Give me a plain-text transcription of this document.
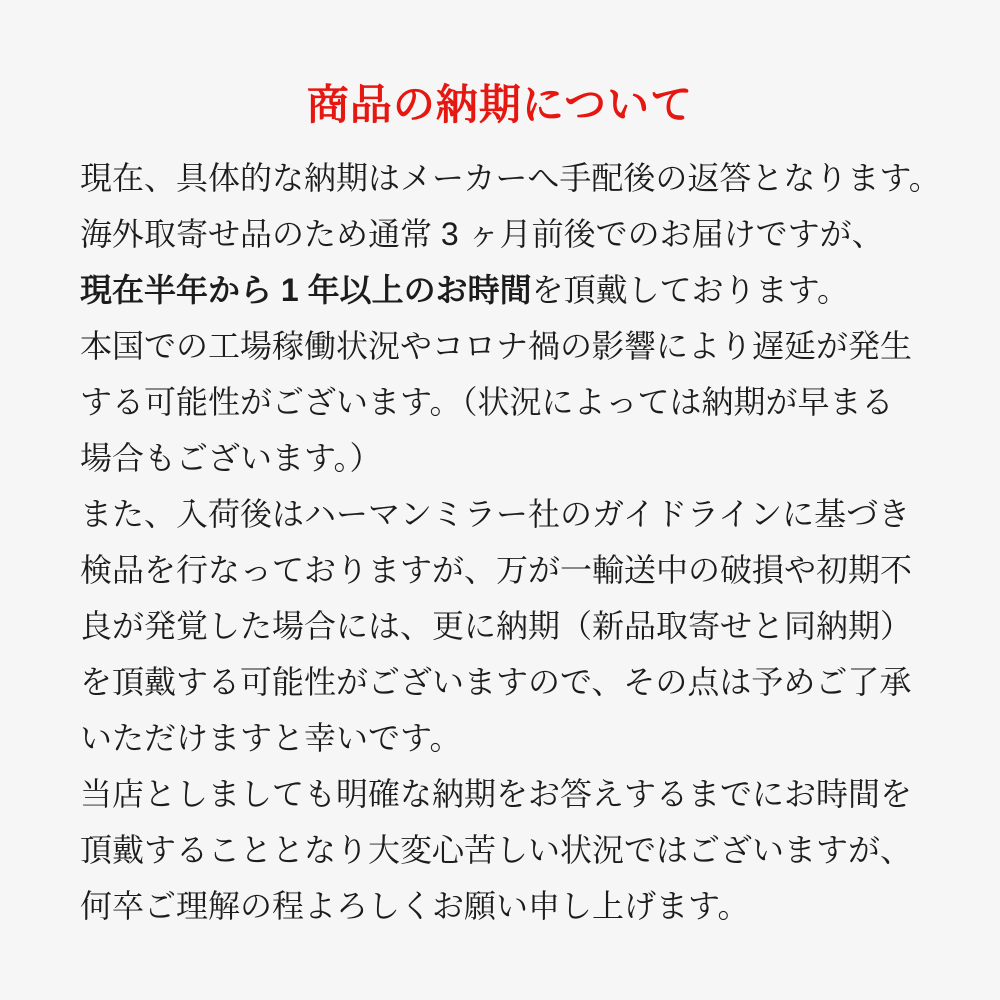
商品の納期について
現在、具体的な納期はメーカーへ手配後の返答となります。
海外取寄せ品のため通常 3 ヶ月前後でのお届けですが、
現在半年から 1 年以上のお時間を頂戴しております。
本国での工場稼働状況やコロナ禍の影響により遅延が発生
する可能性がございます。（状況によっては納期が早まる
場合もございます。）
また、入荷後はハーマンミラー社のガイドラインに基づき
検品を行なっておりますが、万が一輸送中の破損や初期不
良が発覚した場合には、更に納期（新品取寄せと同納期）
を頂戴する可能性がございますので、その点は予めご了承
いただけますと幸いです。
当店としましても明確な納期をお答えするまでにお時間を
頂戴することとなり大変心苦しい状況ではございますが、
何卒ご理解の程よろしくお願い申し上げます。
